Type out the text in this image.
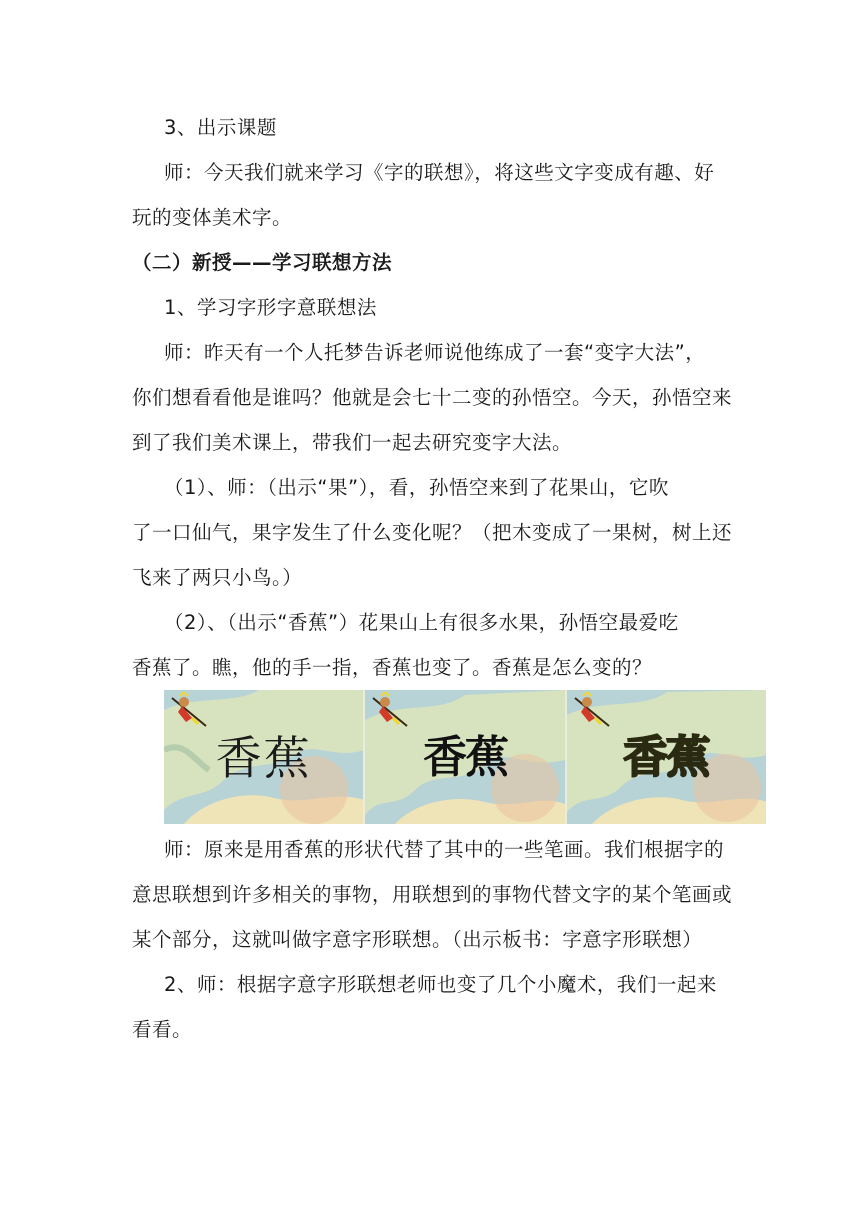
3、出示课题
师：今天我们就来学习《字的联想》，将这些文字变成有趣、好
玩的变体美术字。
（二）新授——学习联想方法
1、学习字形字意联想法
师：昨天有一个人托梦告诉老师说他练成了一套“变字大法”，
你们想看看他是谁吗？他就是会七十二变的孙悟空。今天，孙悟空来
到了我们美术课上，带我们一起去研究变字大法。
（1）、师：（出示“果”），看，孙悟空来到了花果山，它吹
了一口仙气，果字发生了什么变化呢？（把木变成了一果树，树上还
飞来了两只小鸟。）
（2）、（出示“香蕉”）花果山上有很多水果，孙悟空最爱吃
香蕉了。瞧，他的手一指，香蕉也变了。香蕉是怎么变的？
香蕉	香蕉	香蕉
师：原来是用香蕉的形状代替了其中的一些笔画。我们根据字的
意思联想到许多相关的事物，用联想到的事物代替文字的某个笔画或
某个部分，这就叫做字意字形联想。（出示板书：字意字形联想）
2、师：根据字意字形联想老师也变了几个小魔术，我们一起来
看看。
